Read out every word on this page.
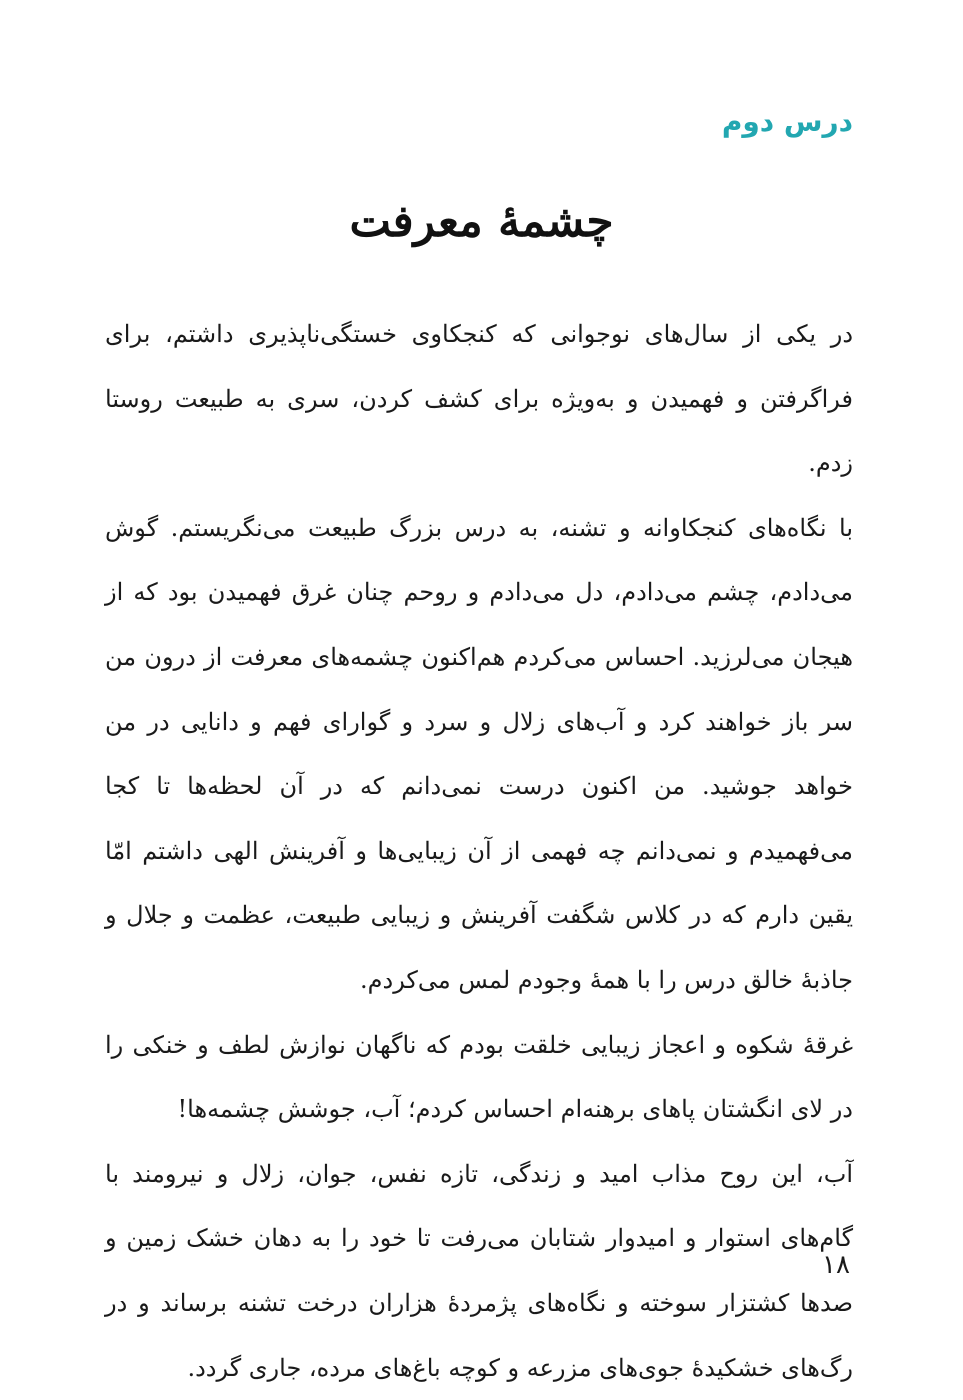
درس دوم
چشمهٔ معرفت

در یکی از سال‌های نوجوانی که کنجکاوی خستگی‌ناپذیری داشتم، برای فراگرفتن و فهمیدن و به‌ویژه برای کشف کردن، سری به طبیعت روستا زدم.

با نگاه‌های کنجکاوانه و تشنه، به درس بزرگ طبیعت می‌نگریستم. گوش می‌دادم، چشم می‌دادم، دل می‌دادم و روحم چنان غرق فهمیدن بود که از هیجان می‌لرزید. احساس می‌کردم هم‌اکنون چشمه‌های معرفت از درون من سر باز خواهند کرد و آب‌های زلال و سرد و گوارای فهم و دانایی در من خواهد جوشید. من اکنون درست نمی‌دانم که در آن لحظه‌ها تا کجا می‌فهمیدم و نمی‌دانم چه فهمی از آن زیبایی‌ها و آفرینش الهی داشتم امّا یقین دارم که در کلاس شگفت آفرینش و زیبایی طبیعت، عظمت و جلال و جاذبهٔ خالق درس را با همهٔ وجودم لمس می‌کردم.

غرقهٔ شکوه و اعجاز زیبایی خلقت بودم که ناگهان نوازش لطف و خنکی را در لای انگشتان پاهای برهنه‌ام احساس کردم؛ آب، جوشش چشمه‌ها!

آب، این روح مذاب امید و زندگی، تازه نفس، جوان، زلال و نیرومند با گام‌های استوار و امیدوار شتابان می‌رفت تا خود را به دهان خشک زمین و صدها کشتزار سوخته و نگاه‌های پژمردهٔ هزاران درخت تشنه برساند و در رگ‌های خشکیدهٔ جوی‌های مزرعه و کوچه باغ‌های مرده، جاری گردد.

۱۸
